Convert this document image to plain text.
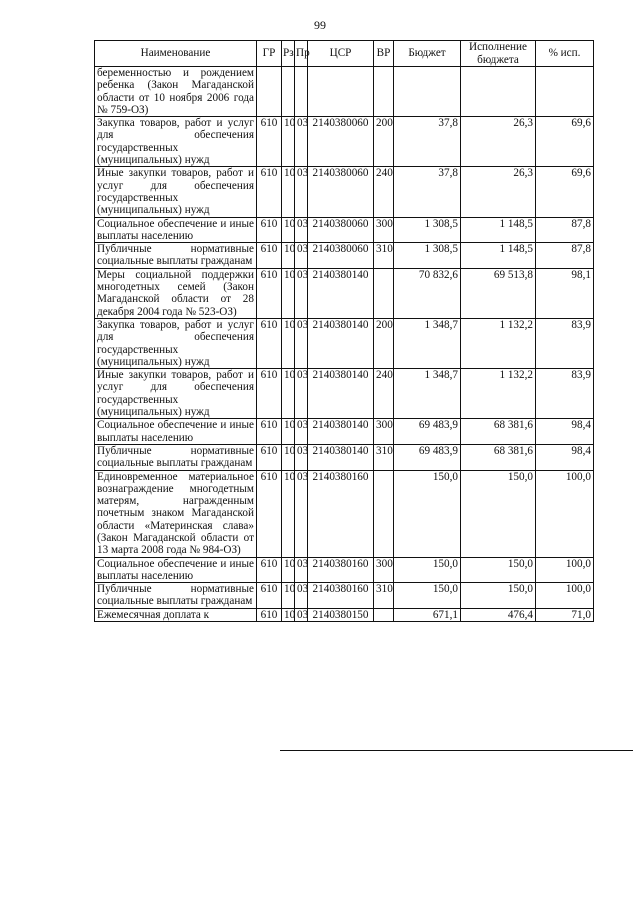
99
Наименование	ГР	Рз	Пр	ЦСР	ВР	Бюджет	Исполнение бюджета	% исп.
беременностью и рождением ребенка (Закон Магаданской области от 10 ноября 2006 года № 759-ОЗ)								
Закупка товаров, работ и услуг для обеспечения государственных (муниципальных) нужд	610	10	03	2140380060	200	37,8	26,3	69,6
Иные закупки товаров, работ и услуг для обеспечения государственных (муниципальных) нужд	610	10	03	2140380060	240	37,8	26,3	69,6
Социальное обеспечение и иные выплаты населению	610	10	03	2140380060	300	1 308,5	1 148,5	87,8
Публичные нормативные социальные выплаты гражданам	610	10	03	2140380060	310	1 308,5	1 148,5	87,8
Меры социальной поддержки многодетных семей (Закон Магаданской области от 28 декабря 2004 года № 523-ОЗ)	610	10	03	2140380140		70 832,6	69 513,8	98,1
Закупка товаров, работ и услуг для обеспечения государственных (муниципальных) нужд	610	10	03	2140380140	200	1 348,7	1 132,2	83,9
Иные закупки товаров, работ и услуг для обеспечения государственных (муниципальных) нужд	610	10	03	2140380140	240	1 348,7	1 132,2	83,9
Социальное обеспечение и иные выплаты населению	610	10	03	2140380140	300	69 483,9	68 381,6	98,4
Публичные нормативные социальные выплаты гражданам	610	10	03	2140380140	310	69 483,9	68 381,6	98,4
Единовременное материальное вознаграждение многодетным матерям, награжденным почетным знаком Магаданской области «Материнская слава» (Закон Магаданской области от 13 марта 2008 года № 984-ОЗ)	610	10	03	2140380160		150,0	150,0	100,0
Социальное обеспечение и иные выплаты населению	610	10	03	2140380160	300	150,0	150,0	100,0
Публичные нормативные социальные выплаты гражданам	610	10	03	2140380160	310	150,0	150,0	100,0
Ежемесячная доплата к	610	10	03	2140380150		671,1	476,4	71,0
